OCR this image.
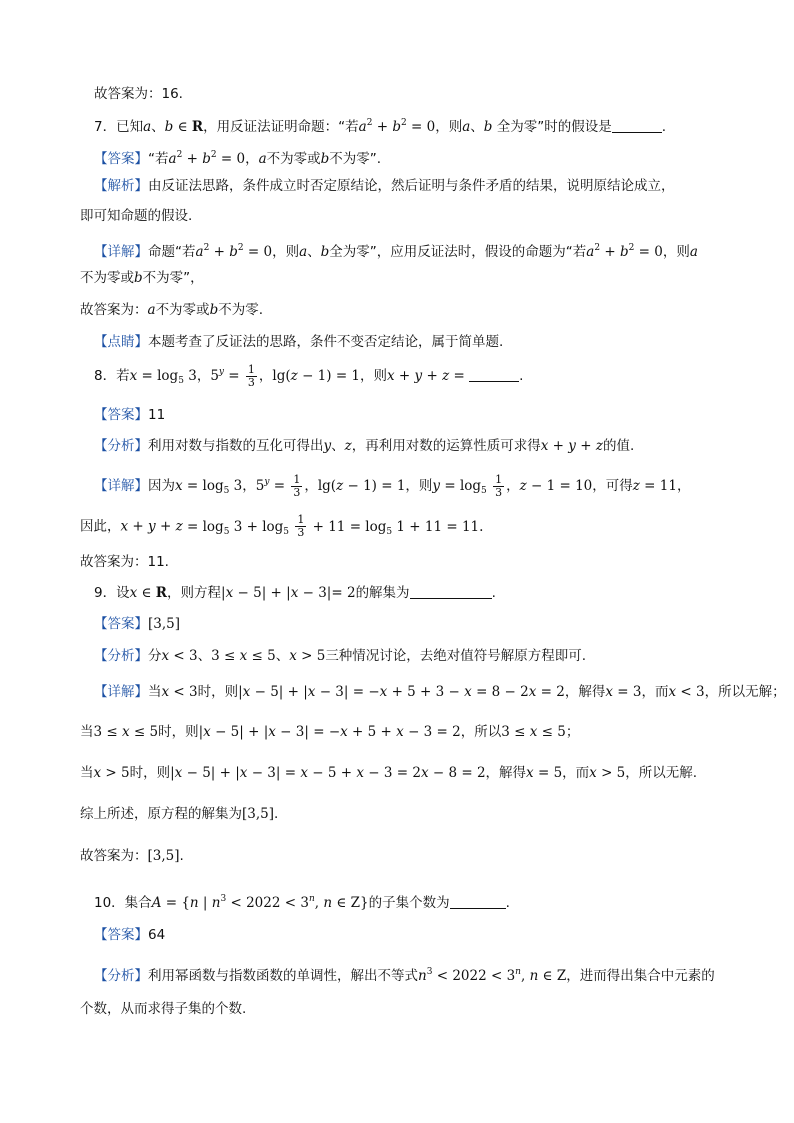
故答案为：16.
7．已知a、b ∈ R，用反证法证明命题：“若$a^2 + b^2 = 0$，则a、b 全为零”时的假设是	.
【答案】“若$a^2 + b^2 = 0$，a不为零或b不为零”.
【解析】由反证法思路，条件成立时否定原结论，然后证明与条件矛盾的结果，说明原结论成立，
即可知命题的假设.
【详解】命题“若$a^2 + b^2 = 0$，则a、b全为零”，应用反证法时，假设的命题为“若$a^2 + b^2 = 0$，则a
不为零或b不为零”，
故答案为：a不为零或b不为零.
【点睛】本题考查了反证法的思路，条件不变否定结论，属于简单题.
8．若$x = \log_5 3$，$5^y = \frac{1}{3}$ ，lg(z − 1) = 1，则x + y + z =	.
【答案】11
【分析】利用对数与指数的互化可得出y、z，再利用对数的运算性质可求得x + y + z的值.
【详解】因为$x = \log_5 3$，$5^y = \frac{1}{3}$ ，lg(z − 1) = 1，则$y = \log_5 \frac{1}{3}$ ，z − 1 = 10，可得z = 11，
因此，$x + y + z = \log_5 3 + \log_5 \frac{1}{3} + 11 = \log_5 1 + 11 = 11$.
故答案为：11.
9．设x ∈ R，则方程|x − 5| + |x − 3|= 2的解集为	.
【答案】[3,5]
【分析】分x < 3、3 ≤ x ≤ 5、x > 5三种情况讨论，去绝对值符号解原方程即可.
【详解】当x < 3时，则|x − 5| + |x − 3| = −x + 5 + 3 − x = 8 − 2x = 2，解得x = 3，而x < 3，所以无解；
当3 ≤ x ≤ 5时，则|x − 5| + |x − 3| = −x + 5 + x − 3 = 2，所以3 ≤ x ≤ 5；
当x > 5时，则|x − 5| + |x − 3| = x − 5 + x − 3 = 2x − 8 = 2，解得x = 5，而x > 5，所以无解.
综上所述，原方程的解集为[3,5].
故答案为：[3,5].
10．集合A = {n | $n^3 < 2022 < 3^n$, n ∈ Z}的子集个数为	.
【答案】64
【分析】利用幂函数与指数函数的单调性，解出不等式$n^3 < 2022 < 3^n$, n ∈ Z，进而得出集合中元素的
个数，从而求得子集的个数.
